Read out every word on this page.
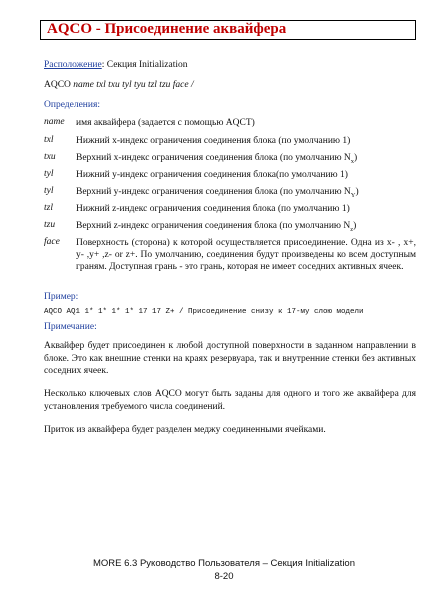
AQCO - Присоединение аквайфера
Расположение: Секция Initialization
AQCO name txl txu tyl tyu tzl tzu face /
Определения:
name имя аквайфера (задается с помощью AQCT)
txl Нижний x-индекс ограничения соединения блока (по умолчанию 1)
txu Верхний x-индекс ограничения соединения блока (по умолчанию $N_x$)
tyl Нижний y-индекс ограничения соединения блока(по умолчанию 1)
tyl Верхний y-индекс ограничения соединения блока (по умолчанию $N_Y$)
tzl Нижний z-индекс ограничения соединения блока (по умолчанию 1)
tzu Верхний z-индекс ограничения соединения блока (по умолчанию $N_z$)
face Поверхность (сторона) к которой осуществляется присоединение. Одна из x- , x+, y- ,y+ ,z- or z+. По умолчанию, соединения будут произведены ко всем доступным граням. Доступная грань - это грань, которая не имеет соседних активных ячеек.
Пример:
AQCO AQ1 1* 1* 1* 1* 17 17 Z+ / Присоединение снизу к 17-му слою модели
Примечание:
Аквайфер будет присоединен к любой доступной поверхности в заданном направлении в блоке. Это как внешние стенки на краях резервуара, так и внутренние стенки без активных соседних ячеек.
Несколько ключевых слов AQCO могут быть заданы для одного и того же аквайфера для установления требуемого числа соединений.
Приток из аквайфера будет разделен меджу соединенными ячейками.
MORE 6.3 Руководство Пользователя – Секция Initialization
8-20
